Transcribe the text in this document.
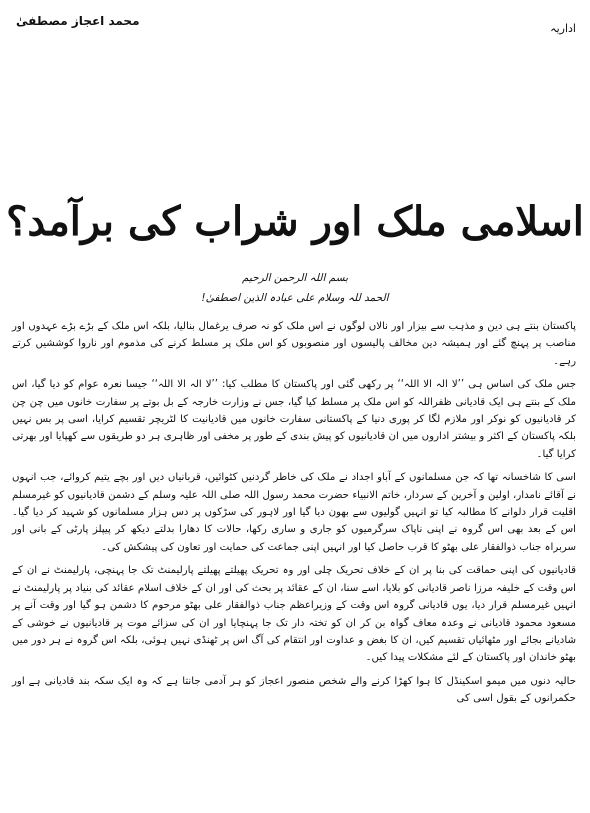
اداریہ
محمد اعجاز مصطفیٰ
اسلامی ملک اور شراب کی برآمد؟
بسم اللہ الرحمن الرحیم
الحمد للہ وسلام علی عبادہ الذین اصطفیٰ!

پاکستان بنتے ہی دین و مذہب سے بیزار اور نالاں لوگوں نے اس ملک کو نہ صرف یرغمال بنالیا، بلکہ اس ملک کے بڑے بڑے عہدوں اور مناصب پر پہنچ گئے اور ہمیشہ دین مخالف پالیسوں اور منصوبوں کو اس ملک پر مسلط کرنے کی مذموم اور ناروا کوششیں کرتے رہے۔

جس ملک کی اساس ہی ’’لا الہ الا اللہ‘‘ پر رکھی گئی اور پاکستان کا مطلب کیا: ’’لا الہ الا اللہ‘‘ جیسا نعرہ عوام کو دیا گیا، اس ملک کے بنتے ہی ایک قادیانی ظفراللہ کو اس ملک پر مسلط کیا گیا، جس نے وزارت خارجہ کے بل بوتے پر سفارت خانوں میں چن چن کر قادیانیوں کو نوکر اور ملازم لگا کر پوری دنیا کے پاکستانی سفارت خانوں میں قادیانیت کا لٹریچر تقسیم کرایا، اسی پر بس نہیں بلکہ پاکستان کے اکثر و بیشتر اداروں میں ان قادیانیوں کو پیش بندی کے طور پر مخفی اور ظاہری ہر دو طریقوں سے کھپایا اور بھرتی کرایا گیا۔

اسی کا شاخسانہ تھا کہ جن مسلمانوں کے آباو اجداد نے ملک کی خاطر گردنیں کٹوائیں، قربانیاں دیں اور بچے یتیم کروائے، جب انہوں نے آقائے نامدار، اولین و آخرین کے سردار، خاتم الانبیاء حضرت محمد رسول اللہ صلی اللہ علیہ وسلم کے دشمن قادیانیوں کو غیرمسلم اقلیت قرار دلوانے کا مطالبہ کیا تو انہیں گولیوں سے بھون دیا گیا اور لاہور کی سڑکوں پر دس ہزار مسلمانوں کو شہید کر دیا گیا۔ اس کے بعد بھی اس گروہ نے اپنی ناپاک سرگرمیوں کو جاری و ساری رکھا، حالات کا دھارا بدلتے دیکھ کر پیپلز پارٹی کے بانی اور سربراہ جناب ذوالفقار علی بھٹو کا قرب حاصل کیا اور انہیں اپنی جماعت کی حمایت اور تعاون کی پیشکش کی۔

قادیانیوں کی اپنی حماقت کی بنا پر ان کے خلاف تحریک چلی اور وہ تحریک پھیلتے پھیلتے پارلیمنٹ تک جا پہنچی، پارلیمنٹ نے ان کے اس وقت کے خلیفہ مرزا ناصر قادیانی کو بلایا، اسے سنا، ان کے عقائد پر بحث کی اور ان کے خلاف اسلام عقائد کی بنیاد پر پارلیمنٹ نے انہیں غیرمسلم قرار دیا، یوں قادیانی گروہ اس وقت کے وزیراعظم جناب ذوالفقار علی بھٹو مرحوم کا دشمن ہو گیا اور وقت آنے پر مسعود محمود قادیانی نے وعدہ معاف گواہ بن کر ان کو تختہ دار تک جا پہنچایا اور ان کی سزائے موت پر قادیانیوں نے خوشی کے شادیانے بجائے اور مٹھائیاں تقسیم کیں، ان کا بغض و عداوت اور انتقام کی آگ اس پر ٹھنڈی نہیں ہوئی، بلکہ اس گروہ نے ہر دور میں بھٹو خاندان اور پاکستان کے لئے مشکلات پیدا کیں۔

حالیہ دنوں میں میمو اسکینڈل کا ہوا کھڑا کرنے والے شخص منصور اعجاز کو ہر آدمی جانتا ہے کہ وہ ایک سکہ بند قادیانی ہے اور حکمرانوں کے بقول اسی کی
